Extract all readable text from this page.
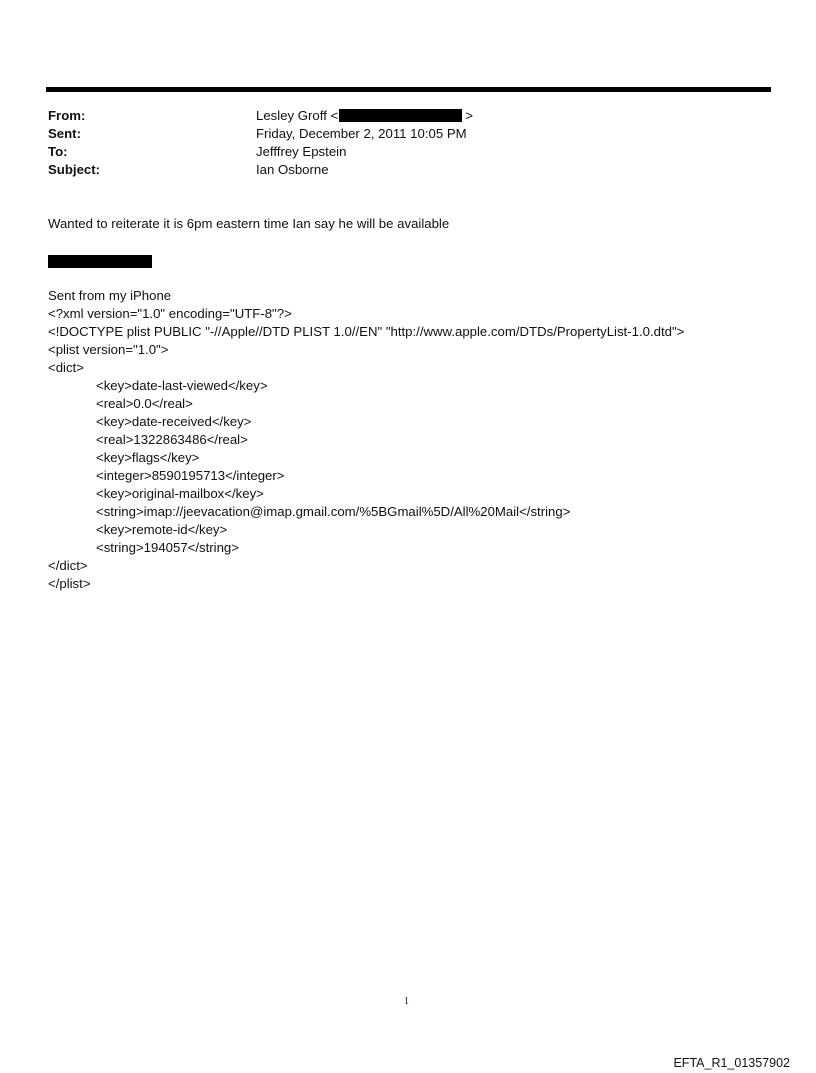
From:	Lesley Groff <	>
Sent:	Friday, December 2, 2011 10:05 PM
To:	Jefffrey Epstein
Subject:	Ian Osborne
Wanted to reiterate it is 6pm eastern time Ian say he will be available
Sent from my iPhone
<?xml version="1.0" encoding="UTF-8"?>
<!DOCTYPE plist PUBLIC "-//Apple//DTD PLIST 1.0//EN" "http://www.apple.com/DTDs/PropertyList-1.0.dtd">
<plist version="1.0">
<dict>
<key>date-last-viewed</key>
<real>0.0</real>
<key>date-received</key>
<real>1322863486</real>
<key>flags</key>
<integer>8590195713</integer>
<key>original-mailbox</key>
<string>imap://jeevacation@imap.gmail.com/%5BGmail%5D/All%20Mail</string>
<key>remote-id</key>
<string>194057</string>
</dict>
</plist>
1
EFTA_R1_01357902
